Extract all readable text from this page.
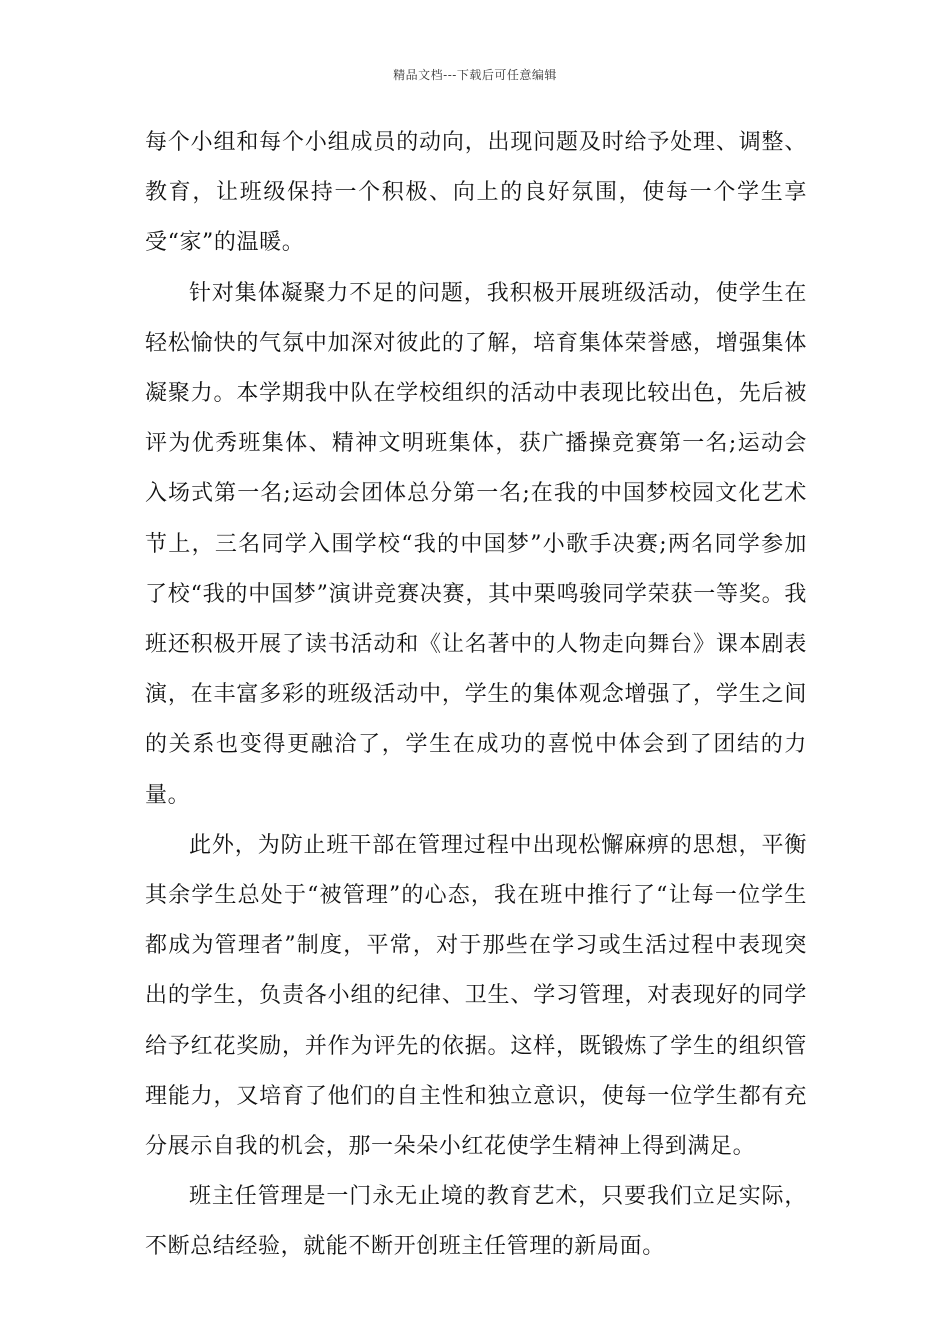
精品文档---下载后可任意编辑

每个小组和每个小组成员的动向，出现问题及时给予处理、调整、教育，让班级保持一个积极、向上的良好氛围，使每一个学生享受“家”的温暖。

针对集体凝聚力不足的问题，我积极开展班级活动，使学生在轻松愉快的气氛中加深对彼此的了解，培育集体荣誉感，增强集体凝聚力。本学期我中队在学校组织的活动中表现比较出色，先后被评为优秀班集体、精神文明班集体，获广播操竞赛第一名;运动会入场式第一名;运动会团体总分第一名;在我的中国梦校园文化艺术节上，三名同学入围学校“我的中国梦”小歌手决赛;两名同学参加了校“我的中国梦”演讲竞赛决赛，其中栗鸣骏同学荣获一等奖。我班还积极开展了读书活动和《让名著中的人物走向舞台》课本剧表演，在丰富多彩的班级活动中，学生的集体观念增强了，学生之间的关系也变得更融洽了，学生在成功的喜悦中体会到了团结的力量。

此外，为防止班干部在管理过程中出现松懈麻痹的思想，平衡其余学生总处于“被管理”的心态，我在班中推行了“让每一位学生都成为管理者”制度，平常，对于那些在学习或生活过程中表现突出的学生，负责各小组的纪律、卫生、学习管理，对表现好的同学给予红花奖励，并作为评先的依据。这样，既锻炼了学生的组织管理能力，又培育了他们的自主性和独立意识，使每一位学生都有充分展示自我的机会，那一朵朵小红花使学生精神上得到满足。

班主任管理是一门永无止境的教育艺术，只要我们立足实际，不断总结经验，就能不断开创班主任管理的新局面。
